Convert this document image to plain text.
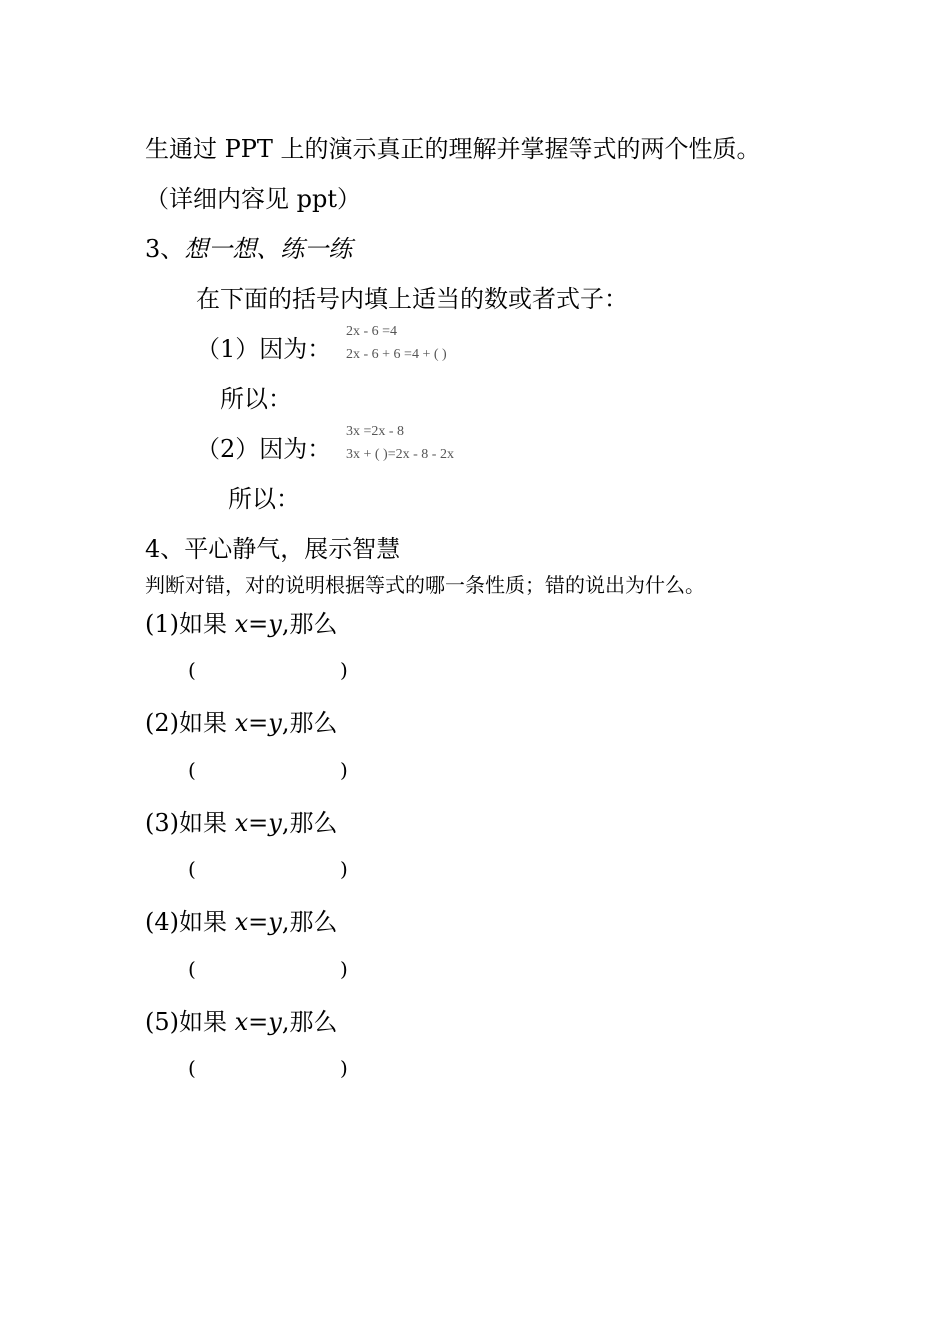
生通过 PPT 上的演示真正的理解并掌握等式的两个性质。
（详细内容见 ppt）
3、想一想、练一练
在下面的括号内填上适当的数或者式子：
（1）因为：
2x - 6 =4
2x - 6 + 6 =4 + ( )
所以：
（2）因为：
3x =2x - 8
3x + ( )=2x - 8 - 2x
所以：
4、平心静气，展示智慧
判断对错，对的说明根据等式的哪一条性质；错的说出为什么。
(1)如果 x=y,那么
(	)
(2)如果 x=y,那么
(	)
(3)如果 x=y,那么
(	)
(4)如果 x=y,那么
(	)
(5)如果 x=y,那么
(	)
